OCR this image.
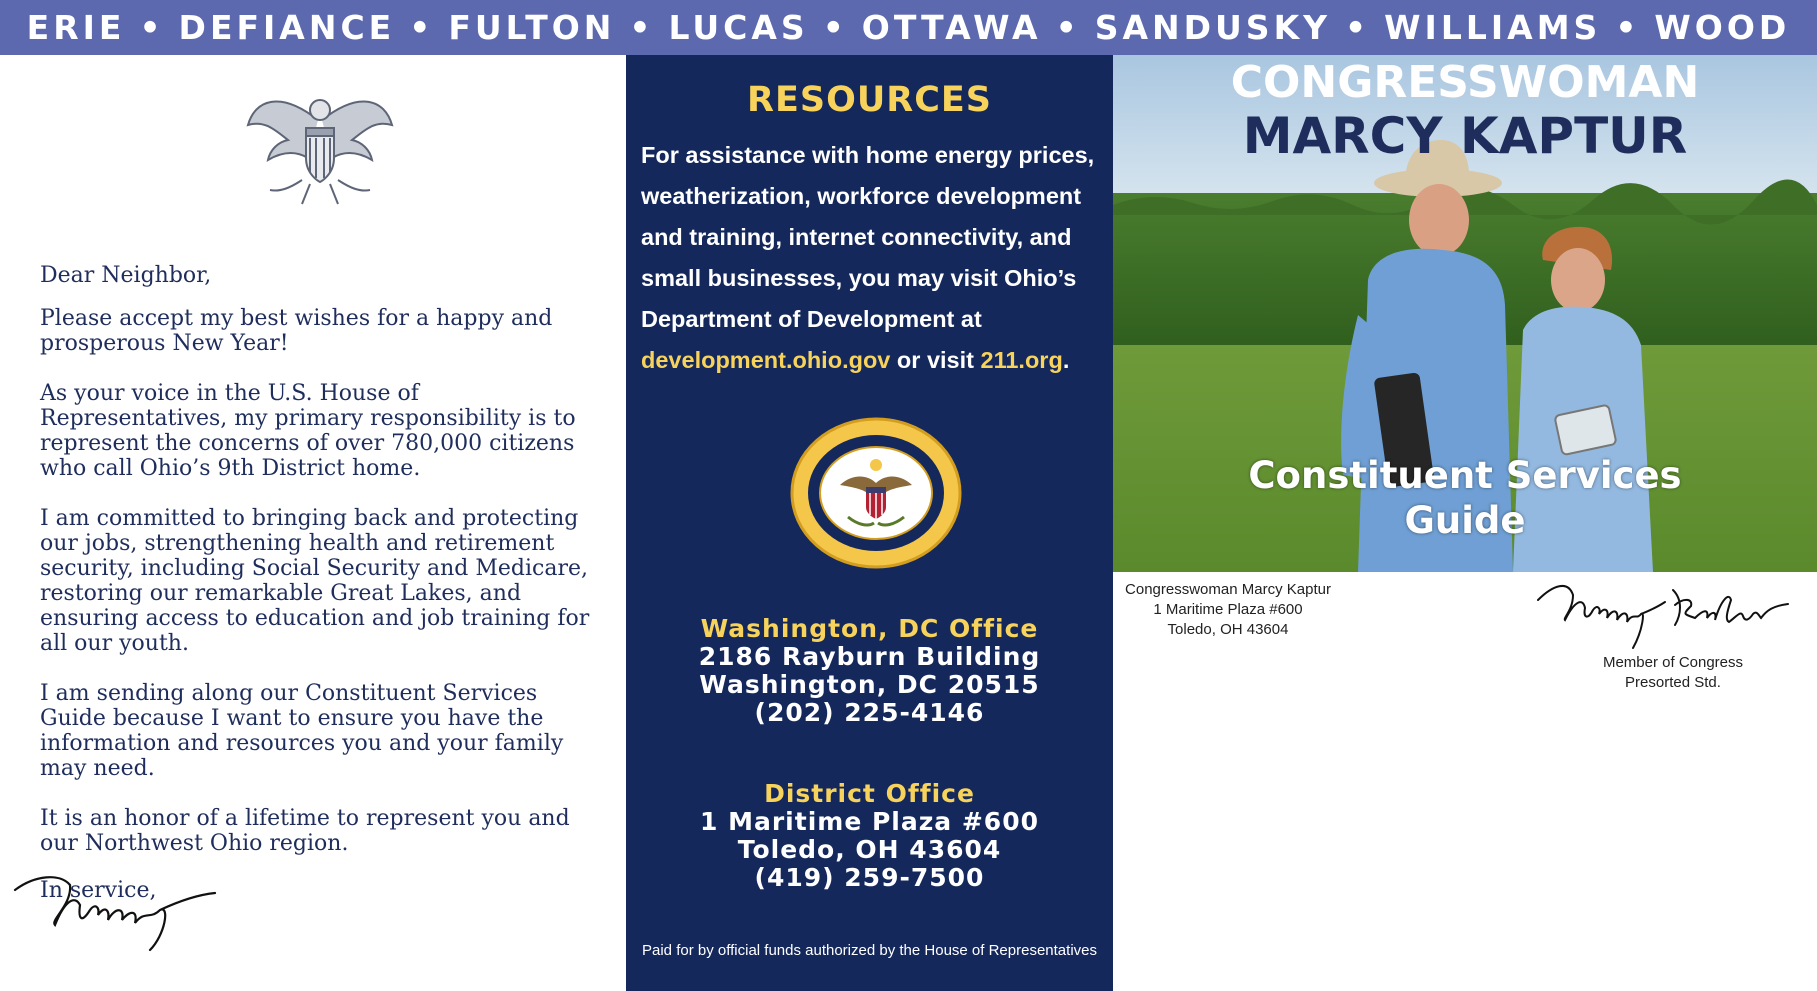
ERIE • DEFIANCE • FULTON • LUCAS • OTTAWA • SANDUSKY • WILLIAMS • WOOD

Dear Neighbor,

Please accept my best wishes for a happy and prosperous New Year!

As your voice in the U.S. House of Representatives, my primary responsibility is to represent the concerns of over 780,000 citizens who call Ohio’s 9th District home.

I am committed to bringing back and protecting our jobs, strengthening health and retirement security, including Social Security and Medicare, restoring our remarkable Great Lakes, and ensuring access to education and job training for all our youth.

I am sending along our Constituent Services Guide because I want to ensure you have the information and resources you and your family may need.

It is an honor of a lifetime to represent you and our Northwest Ohio region.

In service,

RESOURCES
For assistance with home energy prices, weatherization, workforce development and training, internet connectivity, and small businesses, you may visit Ohio’s Department of Development at development.ohio.gov or visit 211.org.
Washington, DC Office
2186 Rayburn Building
Washington, DC 20515
(202) 225-4146
District Office
1 Maritime Plaza #600
Toledo, OH 43604
(419) 259-7500
Paid for by official funds authorized by the House of Representatives
CONGRESSWOMAN
MARCY KAPTUR
Constituent Services
Guide
Congresswoman Marcy Kaptur
1 Maritime Plaza #600
Toledo, OH 43604
Member of Congress
Presorted Std.
